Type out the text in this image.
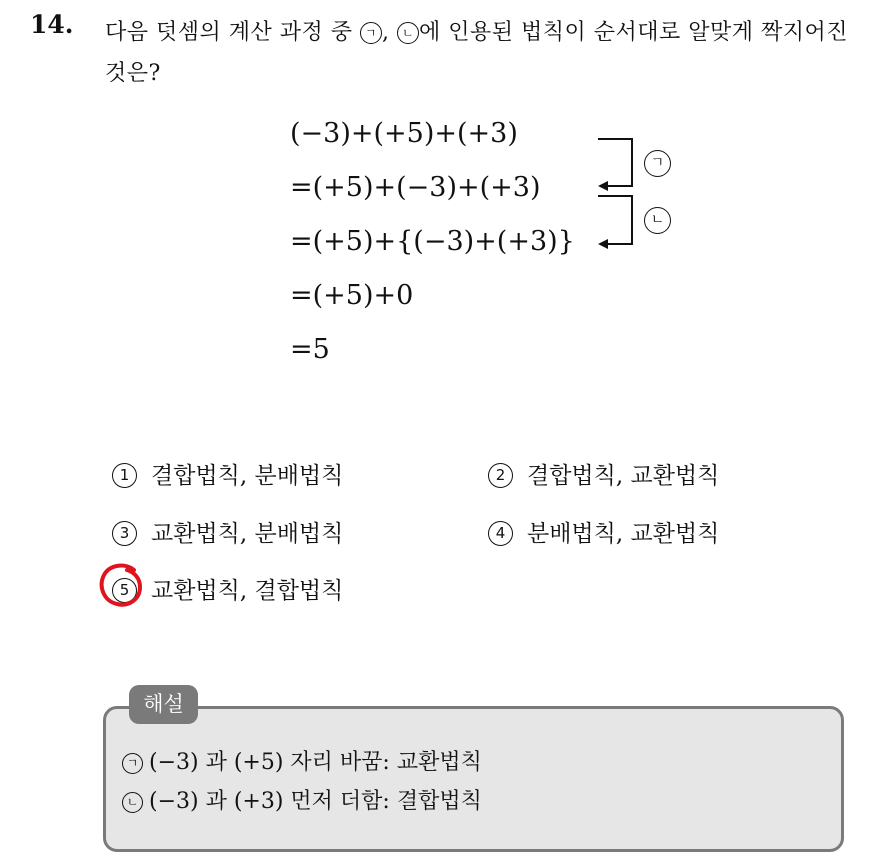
14. 다음 덧셈의 계산 과정 중 ㄱ , ㄴ 에 인용된 법칙이 순서대로 알맞게 짝지어진 것은?
(−3)+(+5)+(+3)
=(+5)+(−3)+(+3)
=(+5)+{(−3)+(+3)}
=(+5)+0
=5
ㄱ
ㄴ
1 결합법칙, 분배법칙	2 결합법칙, 교환법칙
3 교환법칙, 분배법칙	4 분배법칙, 교환법칙
5 교환법칙, 결합법칙
해설
ㄱ (−3) 과 (+5) 자리 바꿈: 교환법칙
ㄴ (−3) 과 (+3) 먼저 더함: 결합법칙
